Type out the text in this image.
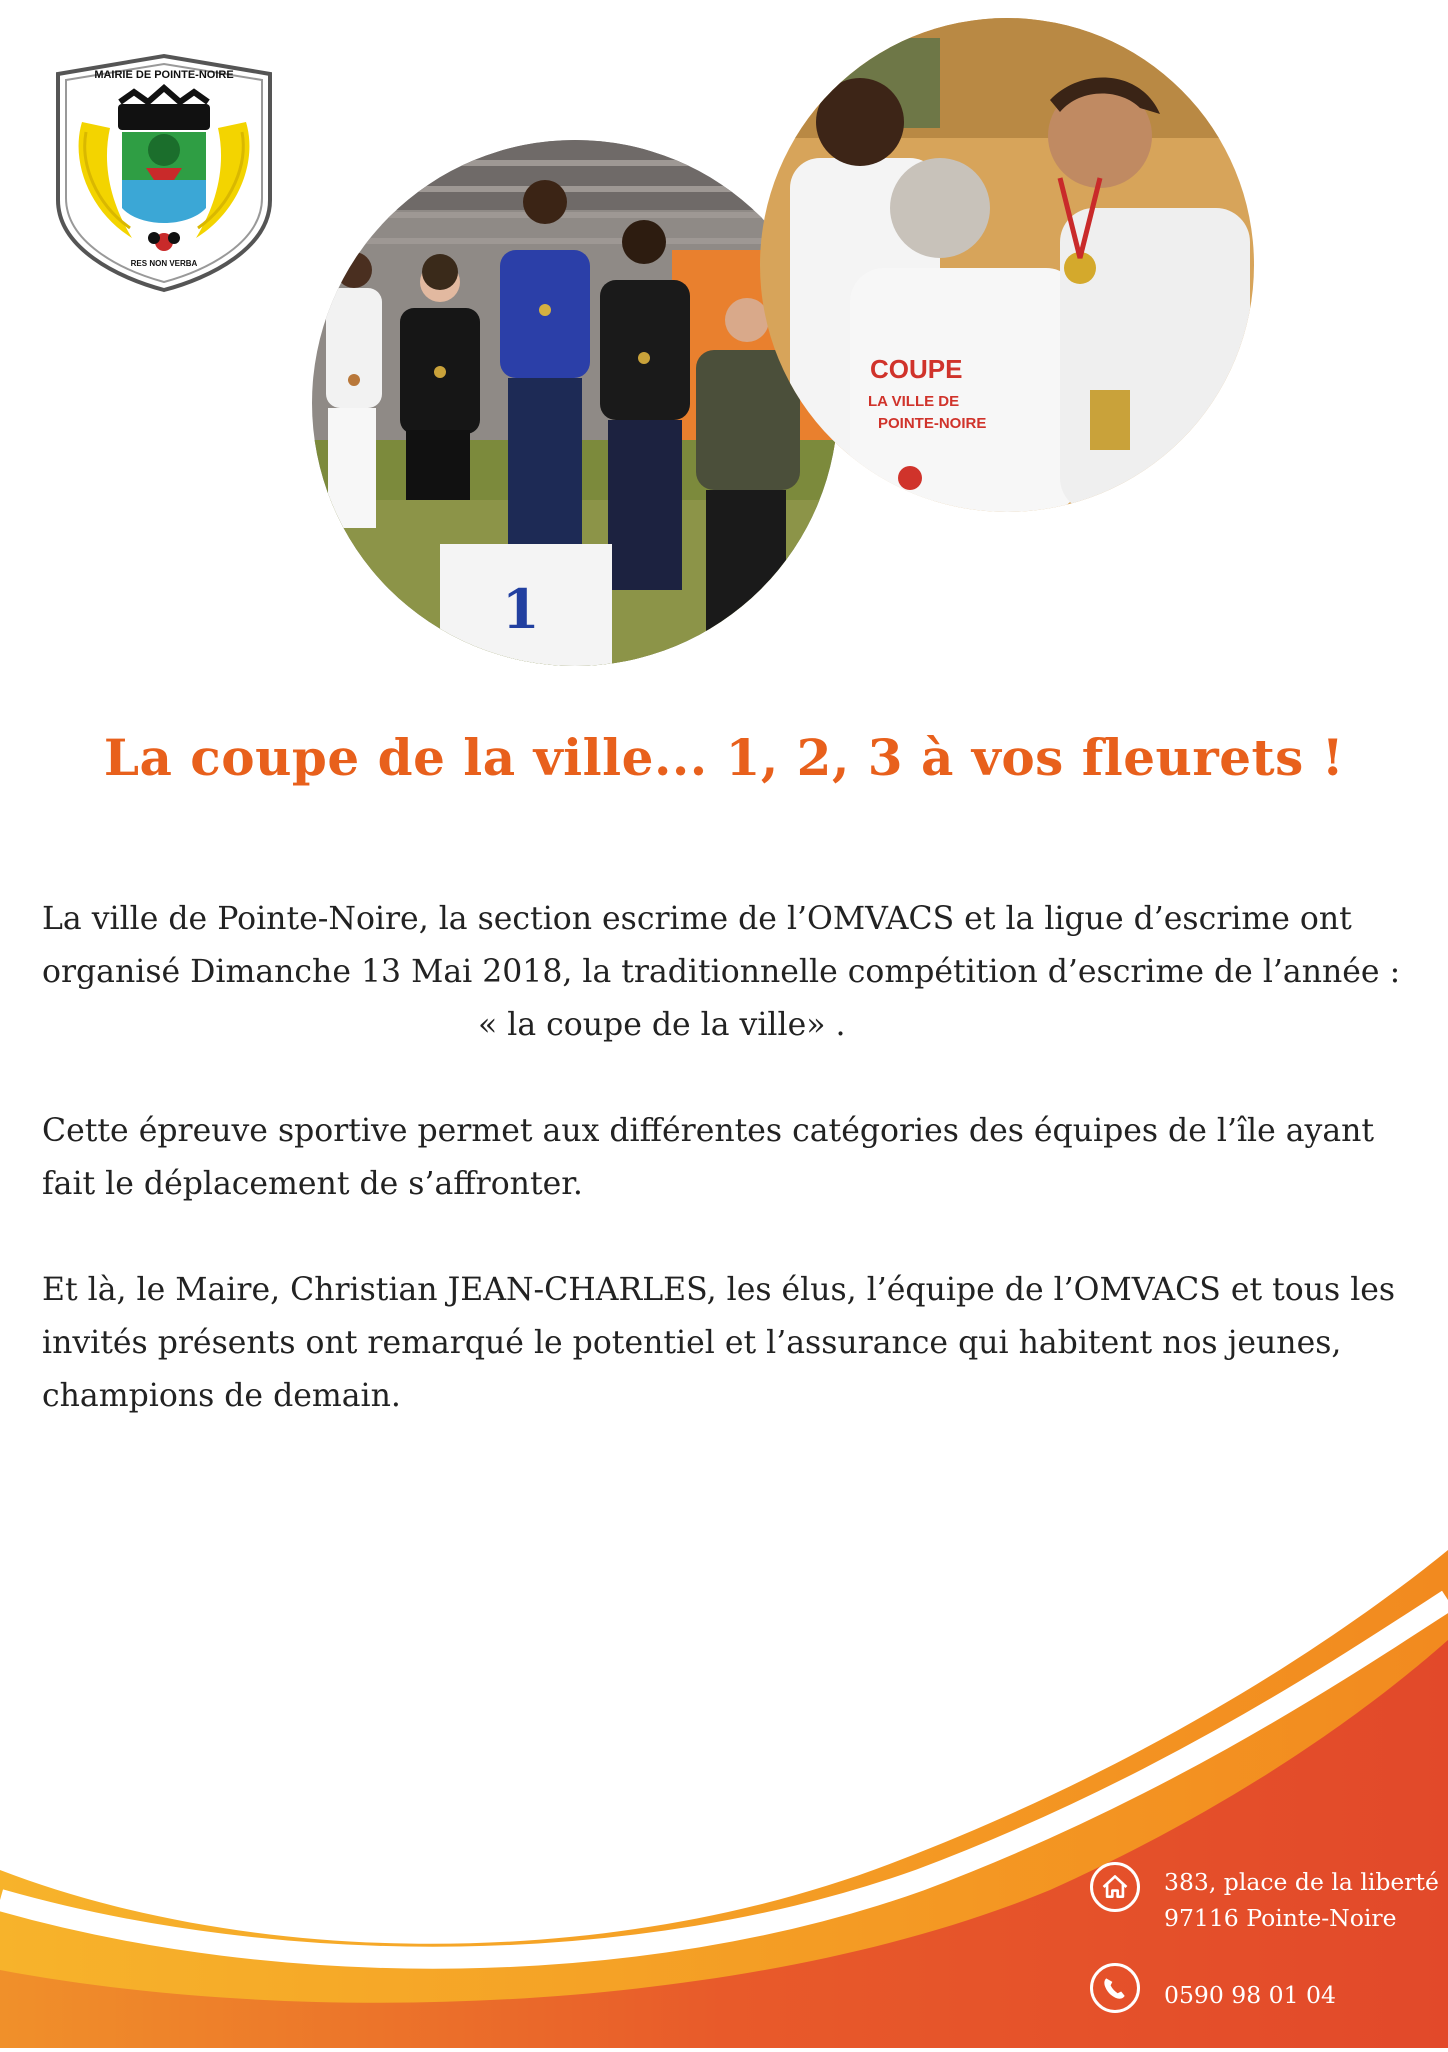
MAIRIE DE POINTE-NOIRE
RES NON VERBA
1
COUPE
LA VILLE DE
POINTE-NOIRE
La coupe de la ville... 1, 2, 3 à vos fleurets !

La ville de Pointe-Noire, la section escrime de l’OMVACS et la ligue d’escrime ont organisé Dimanche 13 Mai 2018, la traditionnelle compétition d’escrime de l’année :
« la coupe de la ville» .

Cette épreuve sportive permet aux différentes catégories des équipes de l’île ayant fait le déplacement de s’affronter.

Et là, le Maire, Christian JEAN-CHARLES, les élus, l’équipe de l’OMVACS et tous les invités présents ont remarqué le potentiel et l’assurance qui habitent nos jeunes, champions de demain.

383, place de la liberté
97116 Pointe-Noire
0590 98 01 04
